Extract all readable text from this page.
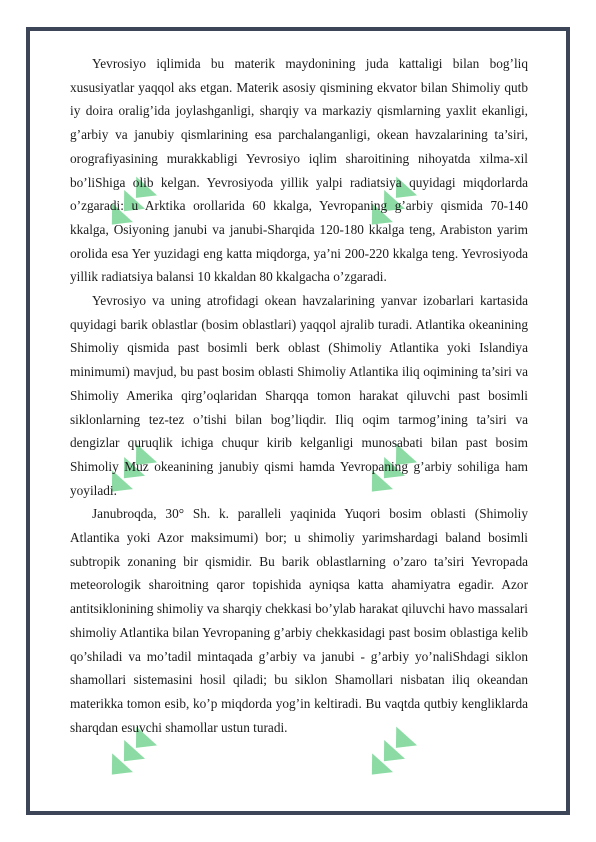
Yevrosiyo iqlimida bu materik maydonining juda kattaligi bilan bog’liq xususiyatlar yaqqol aks etgan. Materik asosiy qismining ekvator bilan Shimoliy qutb iy doira oralig’ida joylashganligi, sharqiy va markaziy qismlarning yaxlit ekanligi, g’arbiy va janubiy qismlarining esa parchalanganligi, okean havzalarining ta’siri, orografiyasining murakkabligi Yevrosiyo iqlim sharoitining nihoyatda xilma-xil bo’liShiga olib kelgan. Yevrosiyoda yillik yalpi radiatsiya quyidagi miqdorlarda o’zgaradi: u Arktika orollarida 60 kkalga, Yevropaning g’arbiy qismida 70-140 kkalga, Osiyoning janubi va janubi-Sharqida 120-180 kkalga teng, Arabiston yarim orolida esa Yer yuzidagi eng katta miqdorga, ya’ni 200-220 kkalga teng. Yevrosiyoda yillik radiatsiya balansi 10 kkaldan 80 kkalgacha o’zgaradi.

Yevrosiyo va uning atrofidagi okean havzalarining yanvar izobarlari kartasida quyidagi barik oblastlar (bosim oblastlari) yaqqol ajralib turadi. Atlantika okeanining Shimoliy qismida past bosimli berk oblast (Shimoliy Atlantika yoki Islandiya minimumi) mavjud, bu past bosim oblasti Shimoliy Atlantika iliq oqimining ta’siri va Shimoliy Amerika qirg’oqlaridan Sharqqa tomon harakat qiluvchi past bosimli siklonlarning tez-tez o’tishi bilan bog’liqdir. Iliq oqim tarmog’ining ta’siri va dengizlar quruqlik ichiga chuqur kirib kelganligi munosabati bilan past bosim Shimoliy Muz okeanining janubiy qismi hamda Yevropaning g’arbiy sohiliga ham yoyiladi.

Janubroqda, 30° Sh. k. paralleli yaqinida Yuqori bosim oblasti (Shimoliy Atlantika yoki Azor maksimumi) bor; u shimoliy yarimshardagi baland bosimli subtropik zonaning bir qismidir. Bu barik oblastlarning o’zaro ta’siri Yevropada meteorologik sharoitning qaror topishida ayniqsa katta ahamiyatra egadir. Azor antitsiklonining shimoliy va sharqiy chekkasi bo’ylab harakat qiluvchi havo massalari shimoliy Atlantika bilan Yevropaning g’arbiy chekkasidagi past bosim oblastiga kelib qo’shiladi va mo’tadil mintaqada g’arbiy va janubi - g’arbiy yo’naliShdagi siklon shamollari sistemasini hosil qiladi; bu siklon Shamollari nisbatan iliq okeandan materikka tomon esib, ko’p miqdorda yog’in keltiradi. Bu vaqtda qutbiy kengliklarda sharqdan esuvchi shamollar ustun turadi.
